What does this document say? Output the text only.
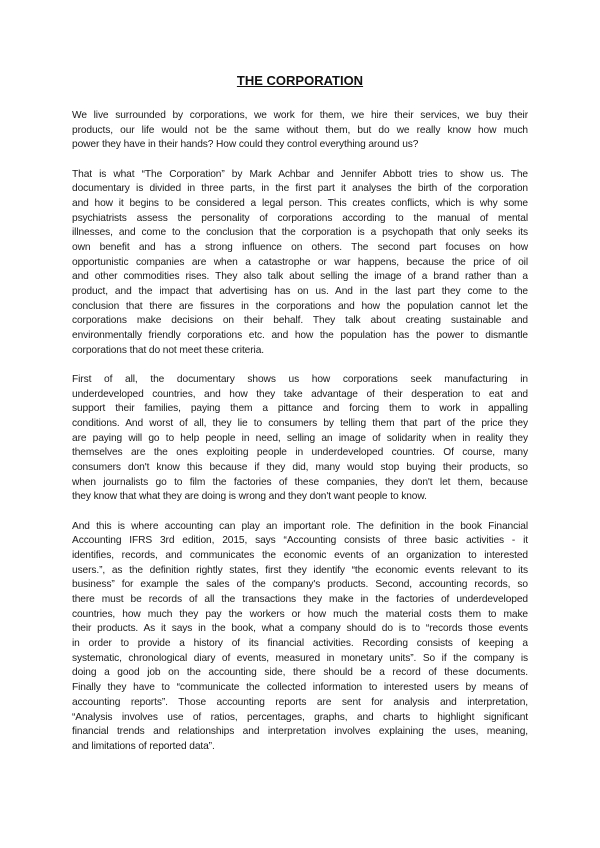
THE CORPORATION
We live surrounded by corporations, we work for them, we hire their services, we buy their
products, our life would not be the same without them, but do we really know how much
power they have in their hands? How could they control everything around us?
That is what “The Corporation” by Mark Achbar and Jennifer Abbott tries to show us. The
documentary is divided in three parts, in the first part it analyses the birth of the corporation
and how it begins to be considered a legal person. This creates conflicts, which is why some
psychiatrists assess the personality of corporations according to the manual of mental
illnesses, and come to the conclusion that the corporation is a psychopath that only seeks its
own benefit and has a strong influence on others. The second part focuses on how
opportunistic companies are when a catastrophe or war happens, because the price of oil
and other commodities rises. They also talk about selling the image of a brand rather than a
product, and the impact that advertising has on us. And in the last part they come to the
conclusion that there are fissures in the corporations and how the population cannot let the
corporations make decisions on their behalf. They talk about creating sustainable and
environmentally friendly corporations etc. and how the population has the power to dismantle
corporations that do not meet these criteria.
First of all, the documentary shows us how corporations seek manufacturing in
underdeveloped countries, and how they take advantage of their desperation to eat and
support their families, paying them a pittance and forcing them to work in appalling
conditions. And worst of all, they lie to consumers by telling them that part of the price they
are paying will go to help people in need, selling an image of solidarity when in reality they
themselves are the ones exploiting people in underdeveloped countries. Of course, many
consumers don't know this because if they did, many would stop buying their products, so
when journalists go to film the factories of these companies, they don't let them, because
they know that what they are doing is wrong and they don't want people to know.
And this is where accounting can play an important role. The definition in the book Financial
Accounting IFRS 3rd edition, 2015, says “Accounting consists of three basic activities - it
identifies, records, and communicates the economic events of an organization to interested
users.”, as the definition rightly states, first they identify “the economic events relevant to its
business” for example the sales of the company's products. Second, accounting records, so
there must be records of all the transactions they make in the factories of underdeveloped
countries, how much they pay the workers or how much the material costs them to make
their products. As it says in the book, what a company should do is to “records those events
in order to provide a history of its financial activities. Recording consists of keeping a
systematic, chronological diary of events, measured in monetary units”. So if the company is
doing a good job on the accounting side, there should be a record of these documents.
Finally they have to “communicate the collected information to interested users by means of
accounting reports”. Those accounting reports are sent for analysis and interpretation,
“Analysis involves use of ratios, percentages, graphs, and charts to highlight significant
financial trends and relationships and interpretation involves explaining the uses, meaning,
and limitations of reported data”.
